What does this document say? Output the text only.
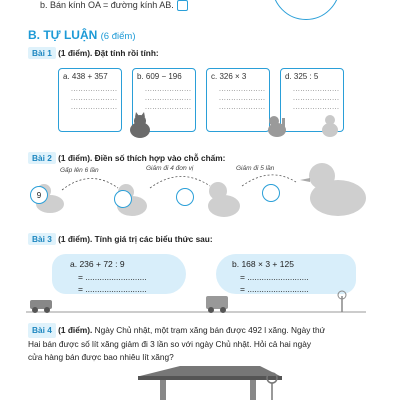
b. Bán kính OA = đường kính AB.
B. TỰ LUẬN (6 điểm)
Bài 1 (1 điểm). Đặt tính rồi tính:
a. 438 + 357
...................
...................
...................
b. 609 − 196
...................
...................
...................
c. 326 × 3
...................
...................
...................
d. 325 : 5
...................
...................
...................
Bài 2 (1 điểm). Điền số thích hợp vào chỗ chấm:
Gấp lên 6 lần	Giảm đi 4 đơn vị	Giảm đi 5 lần
9
Bài 3 (1 điểm). Tính giá trị các biểu thức sau:
a. 236 + 72 : 9
= ..........................
= ..........................
b. 168 × 3 + 125
= ..........................
= ..........................
Bài 4 (1 điểm). Ngày Chủ nhật, một trạm xăng bán được 492 l xăng. Ngày thứ
Hai bán được số lít xăng giảm đi 3 lần so với ngày Chủ nhật. Hỏi cả hai ngày
cửa hàng bán được bao nhiêu lít xăng?
